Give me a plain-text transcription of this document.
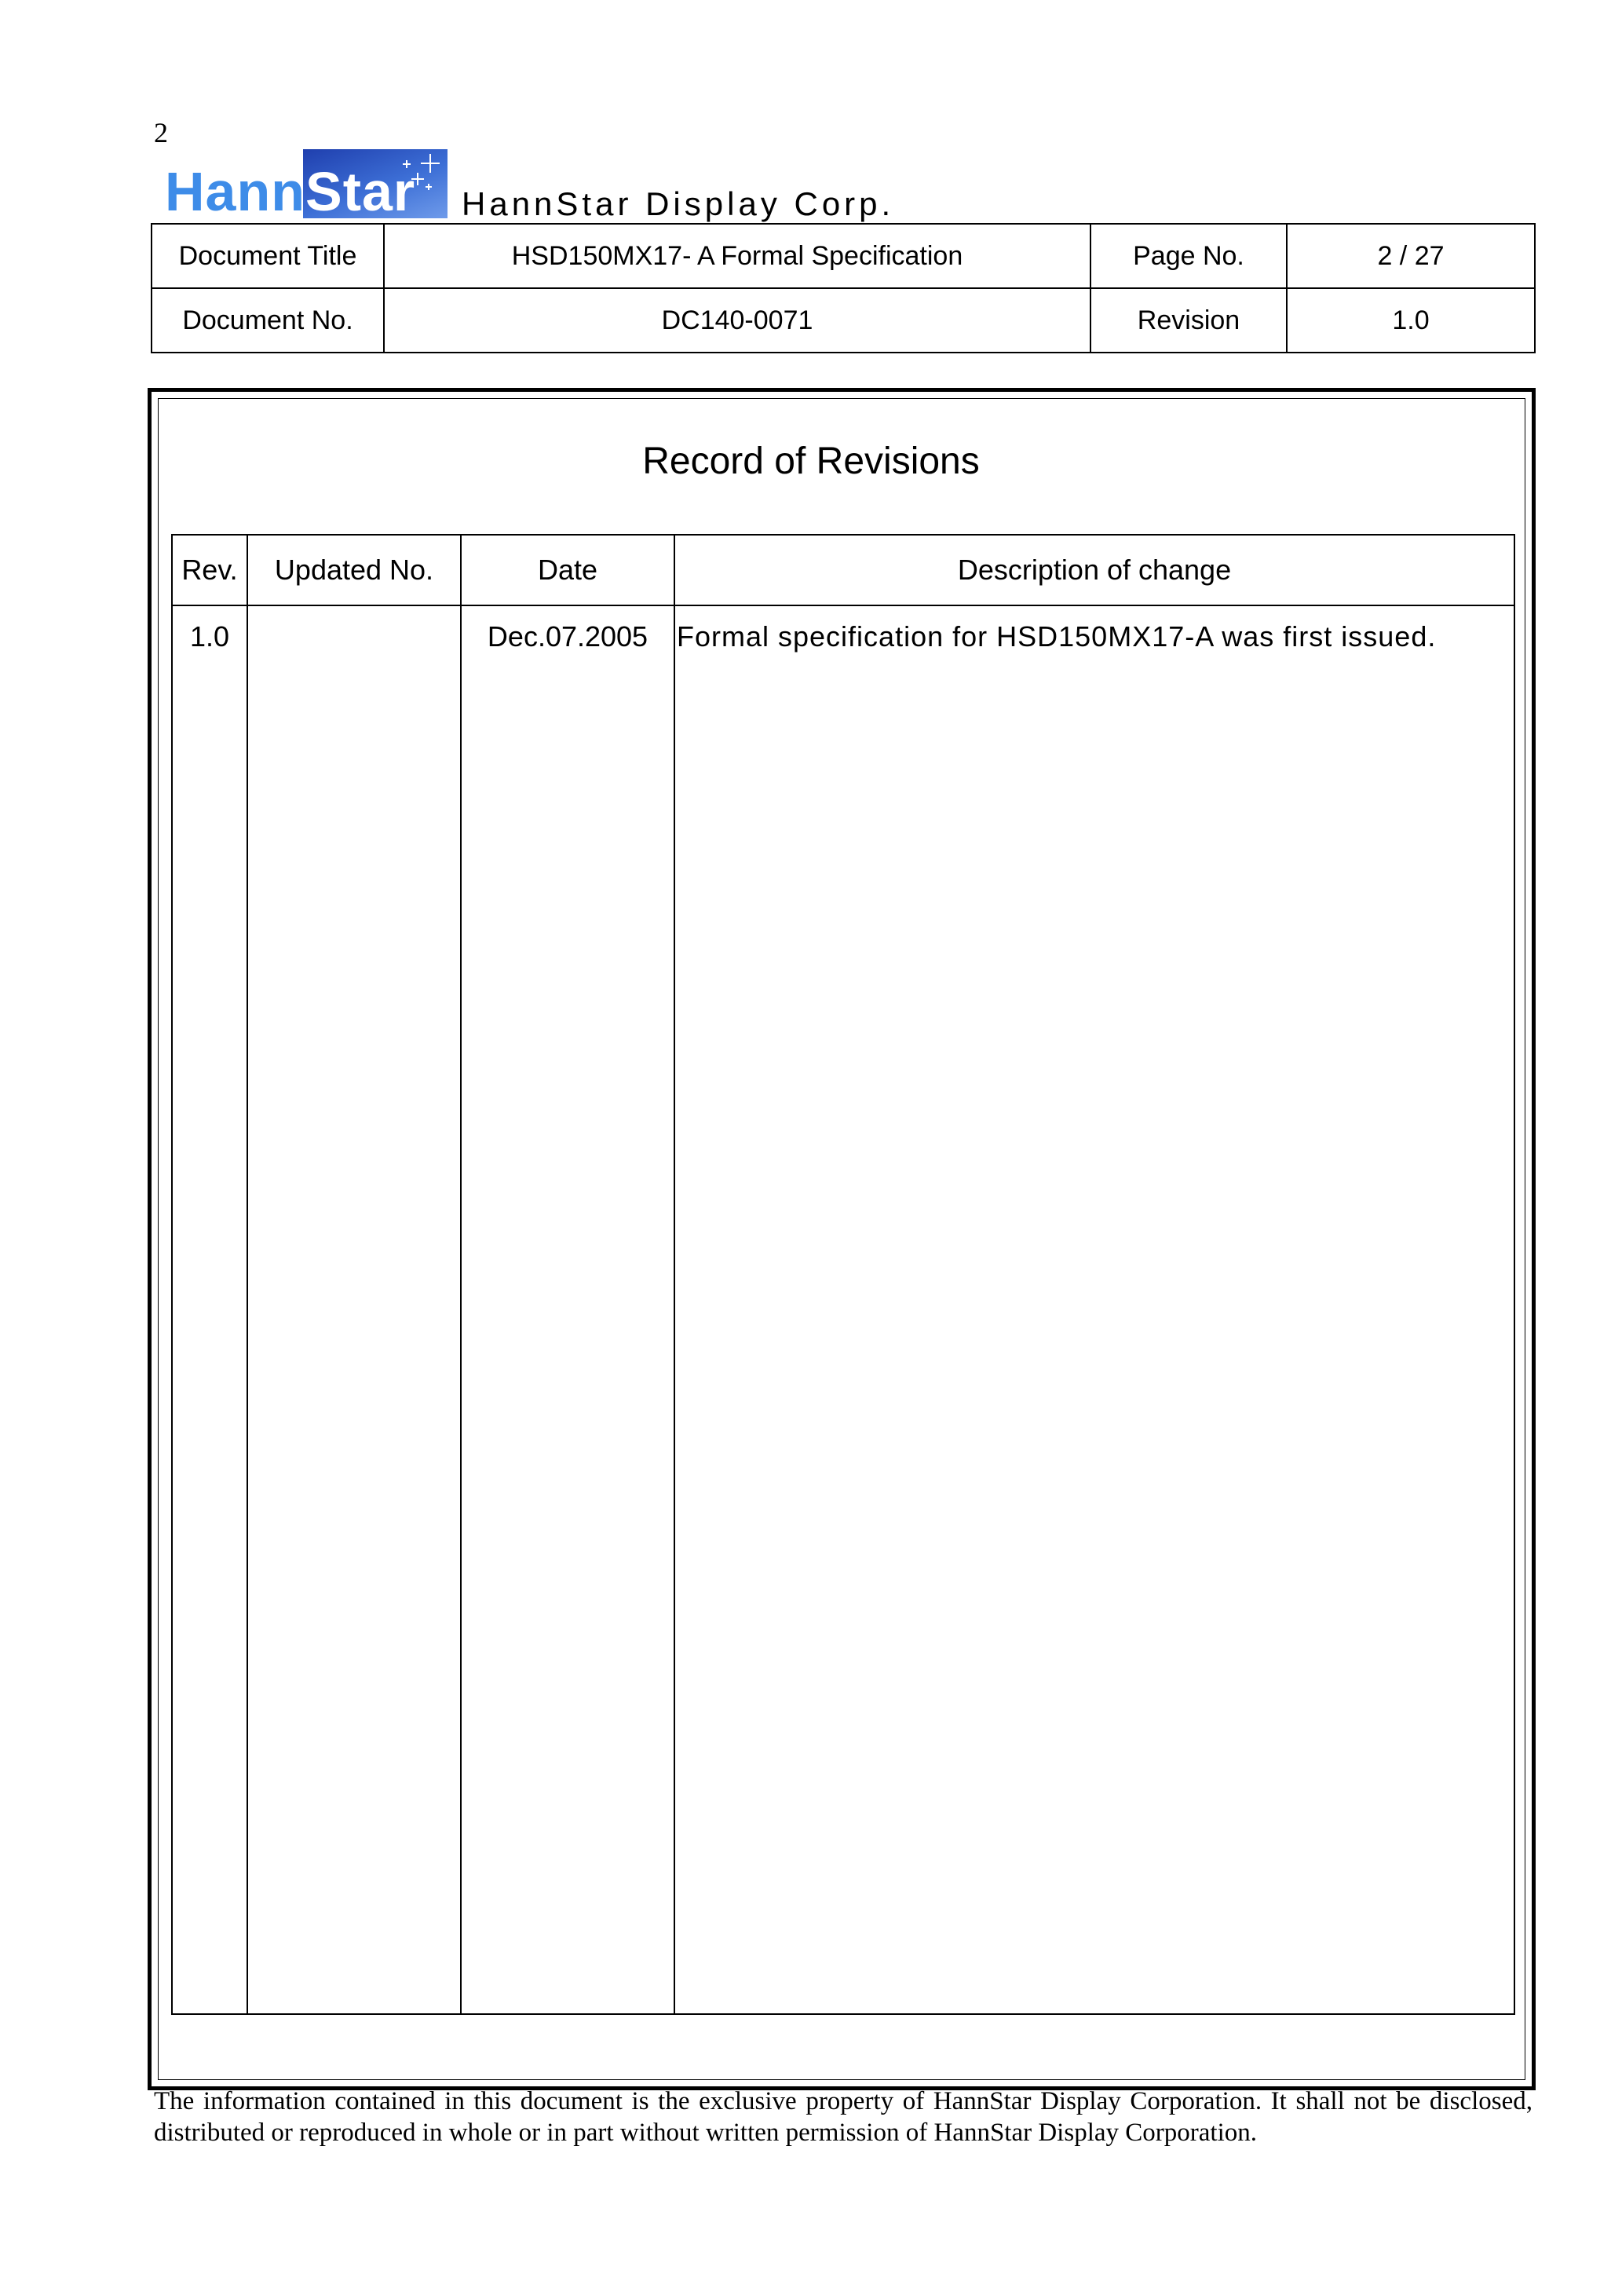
2
HannStar HannStar Display Corp.
Document Title	HSD150MX17- A Formal Specification	Page No.	2 / 27
Document No.	DC140-0071	Revision	1.0
Record of Revisions
Rev.	Updated No.	Date	Description of change
1.0		Dec.07.2005	Formal specification for HSD150MX17-A was first issued.
The information contained in this document is the exclusive property of HannStar Display Corporation. It shall not be disclosed, distributed or reproduced in whole or in part without written permission of HannStar Display Corporation.
